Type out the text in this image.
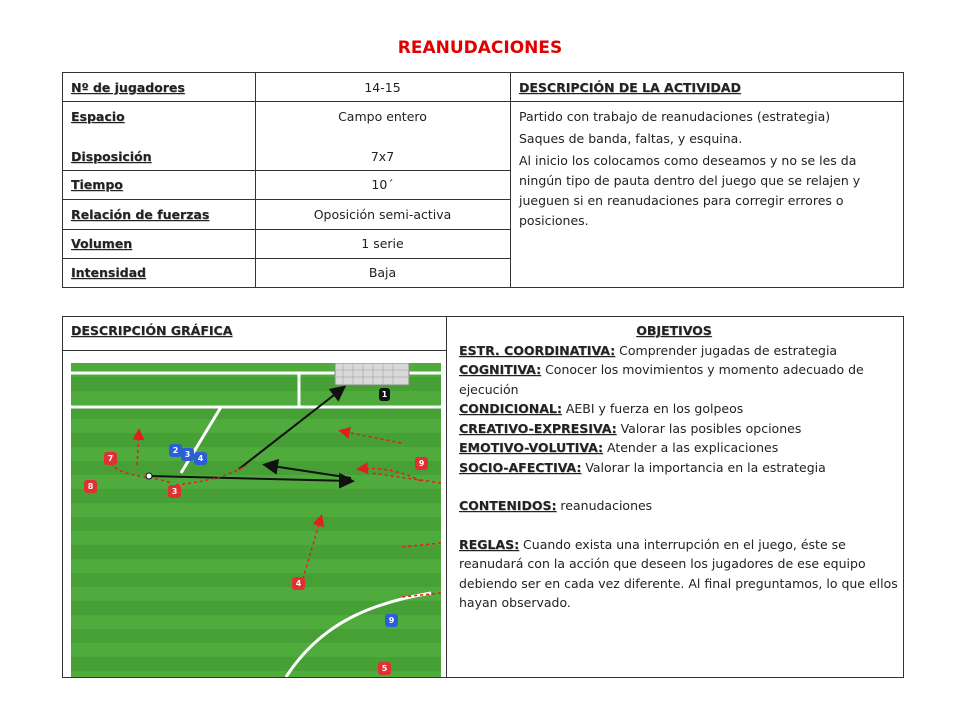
REANUDACIONES
Nº de jugadores	14-15	DESCRIPCIÓN DE LA ACTIVIDAD
Espacio	Campo entero
Disposición	7x7
Tiempo	10´
Relación de fuerzas	Oposición semi-activa
Volumen	1 serie
Intensidad	Baja

Partido con trabajo de reanudaciones (estrategia)

Saques de banda, faltas, y esquina.

Al inicio los colocamos como deseamos y no se les da ningún tipo de pauta dentro del juego que se relajen y jueguen si en reanudaciones para corregir errores o posiciones.

DESCRIPCIÓN GRÁFICA
7
8
3
9
4
5
2 3 4
9
1
OBJETIVOS
ESTR. COORDINATIVA: Comprender jugadas de estrategia
COGNITIVA: Conocer los movimientos y momento adecuado de ejecución
CONDICIONAL: AEBI y fuerza en los golpeos
CREATIVO-EXPRESIVA: Valorar las posibles opciones
EMOTIVO-VOLUTIVA: Atender a las explicaciones
SOCIO-AFECTIVA: Valorar la importancia en la estrategia
CONTENIDOS: reanudaciones
REGLAS: Cuando exista una interrupción en el juego, éste se reanudará con la acción que deseen los jugadores de ese equipo debiendo ser en cada vez diferente. Al final preguntamos, lo que ellos hayan observado.
